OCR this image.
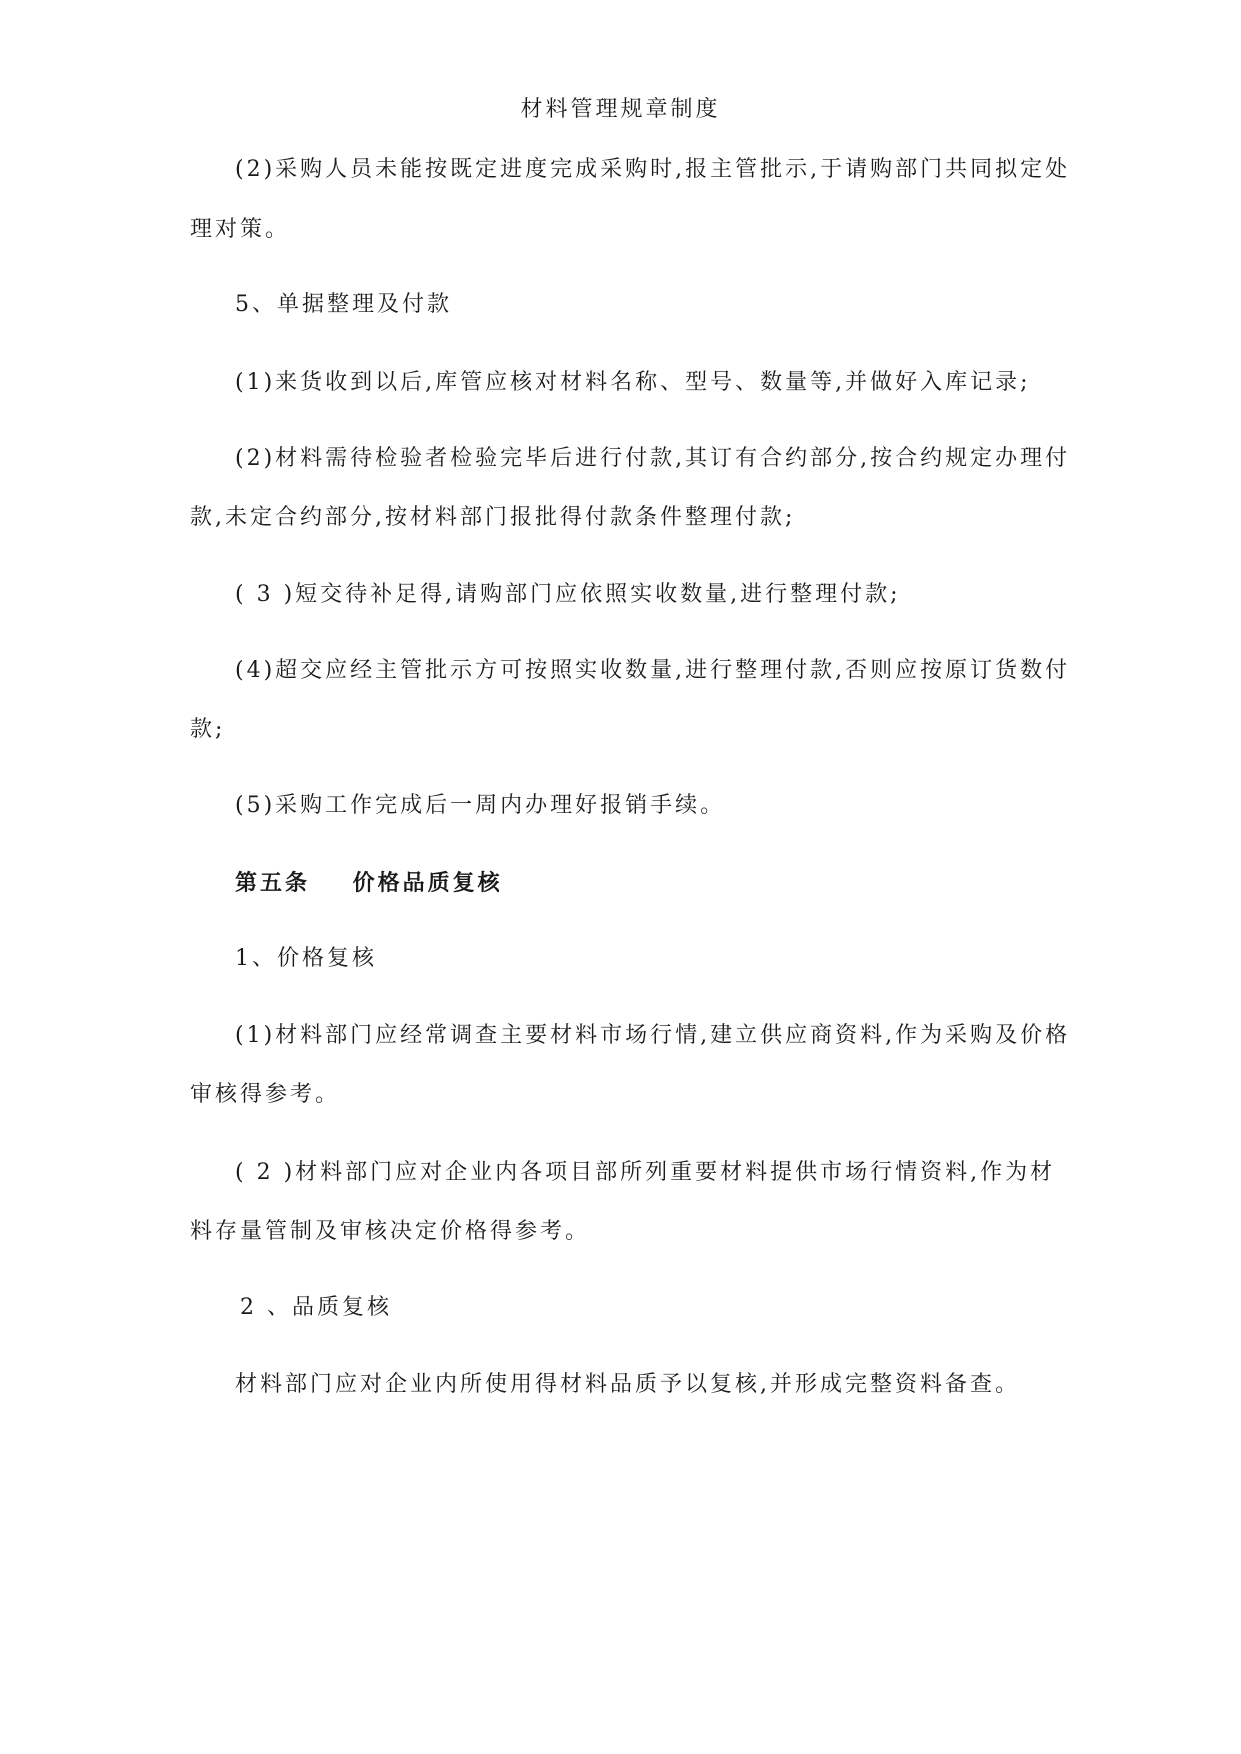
材料管理规章制度
(2)采购人员未能按既定进度完成采购时,报主管批示,于请购部门共同拟定处
理对策。
5、单据整理及付款
(1)来货收到以后,库管应核对材料名称、型号、数量等,并做好入库记录;
(2)材料需待检验者检验完毕后进行付款,其订有合约部分,按合约规定办理付
款,未定合约部分,按材料部门报批得付款条件整理付款;
( 3 )短交待补足得,请购部门应依照实收数量,进行整理付款;
(4)超交应经主管批示方可按照实收数量,进行整理付款,否则应按原订货数付
款;
(5)采购工作完成后一周内办理好报销手续。
第五条    价格品质复核
1、价格复核
(1)材料部门应经常调查主要材料市场行情,建立供应商资料,作为采购及价格
审核得参考。
( 2 )材料部门应对企业内各项目部所列重要材料提供市场行情资料,作为材
料存量管制及审核决定价格得参考。
2 、品质复核
材料部门应对企业内所使用得材料品质予以复核,并形成完整资料备查。
